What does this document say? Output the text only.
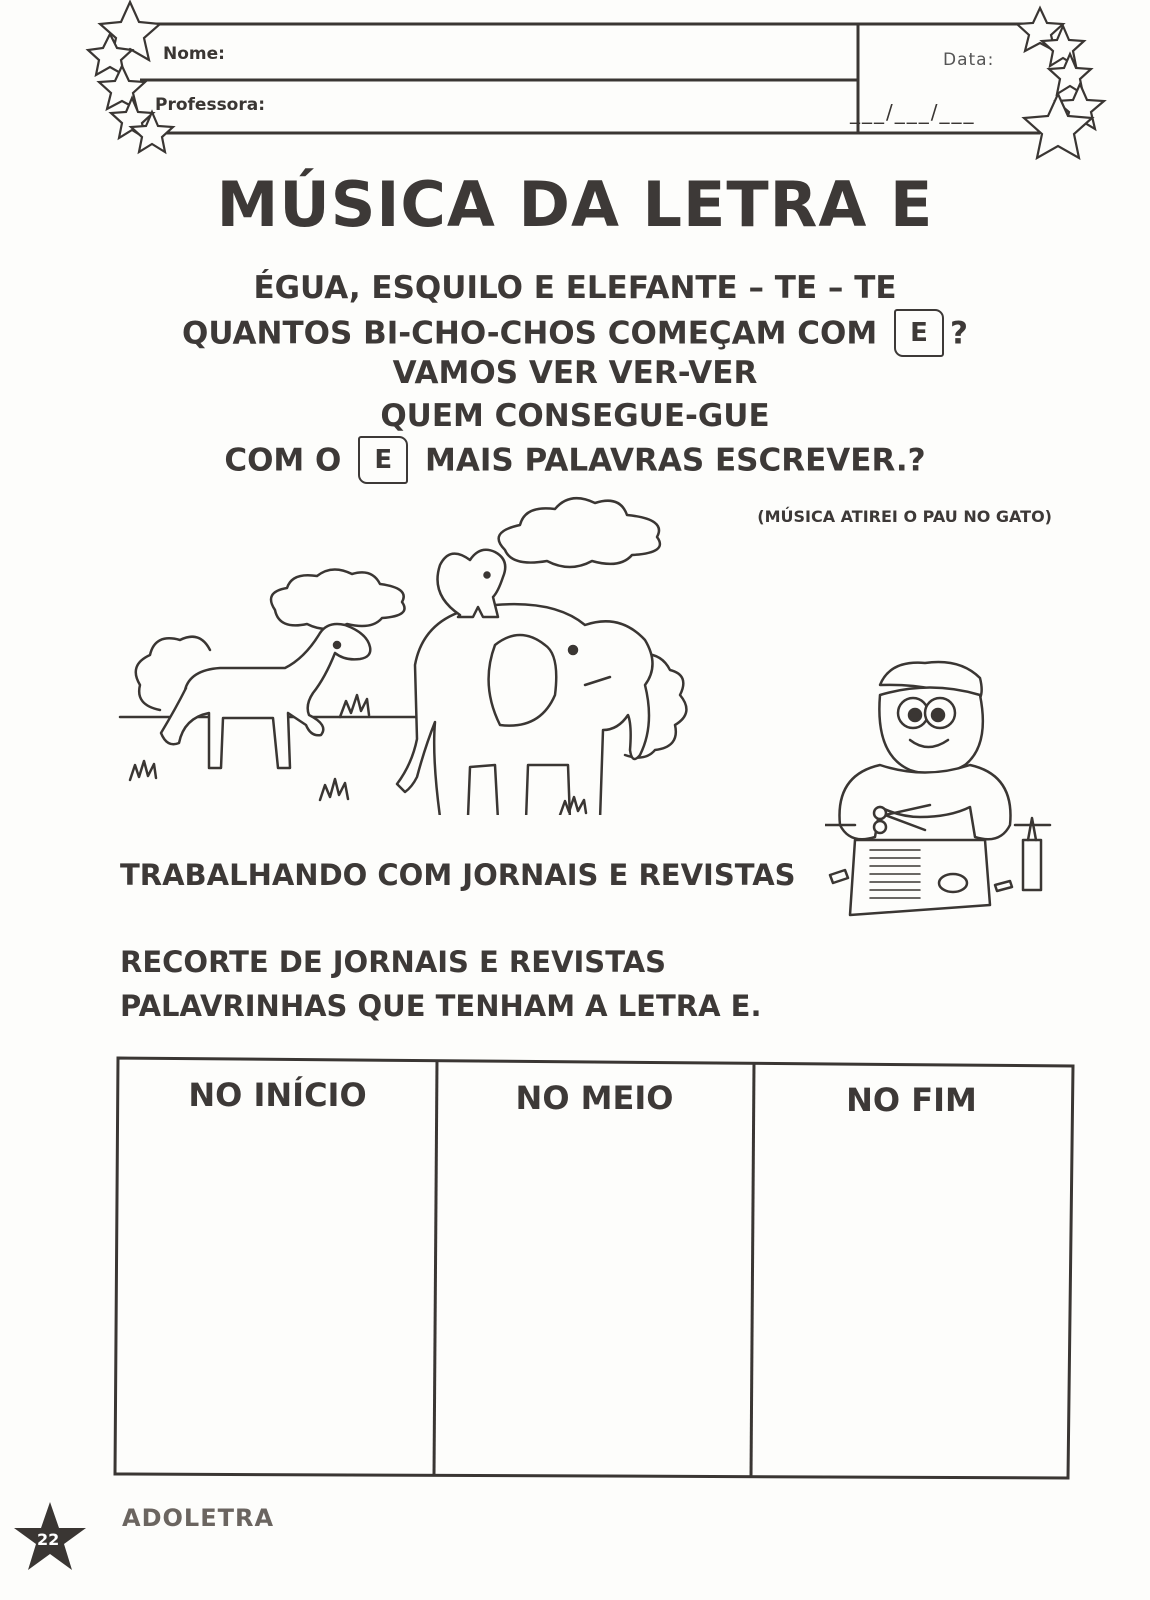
Nome:
Professora:
Data:
___/___/___
MÚSICA DA LETRA E
ÉGUA, ESQUILO E ELEFANTE – TE – TE
QUANTOS BI-CHO-CHOS COMEÇAM COM E ?
VAMOS VER VER-VER
QUEM CONSEGUE-GUE
COM O E MAIS PALAVRAS ESCREVER.?
(MÚSICA ATIREI O PAU NO GATO)
TRABALHANDO COM JORNAIS E REVISTAS
RECORTE DE JORNAIS E REVISTAS
PALAVRINHAS QUE TENHAM A LETRA E.
NO INÍCIO	NO MEIO	NO FIM
22
ADOLETRA
